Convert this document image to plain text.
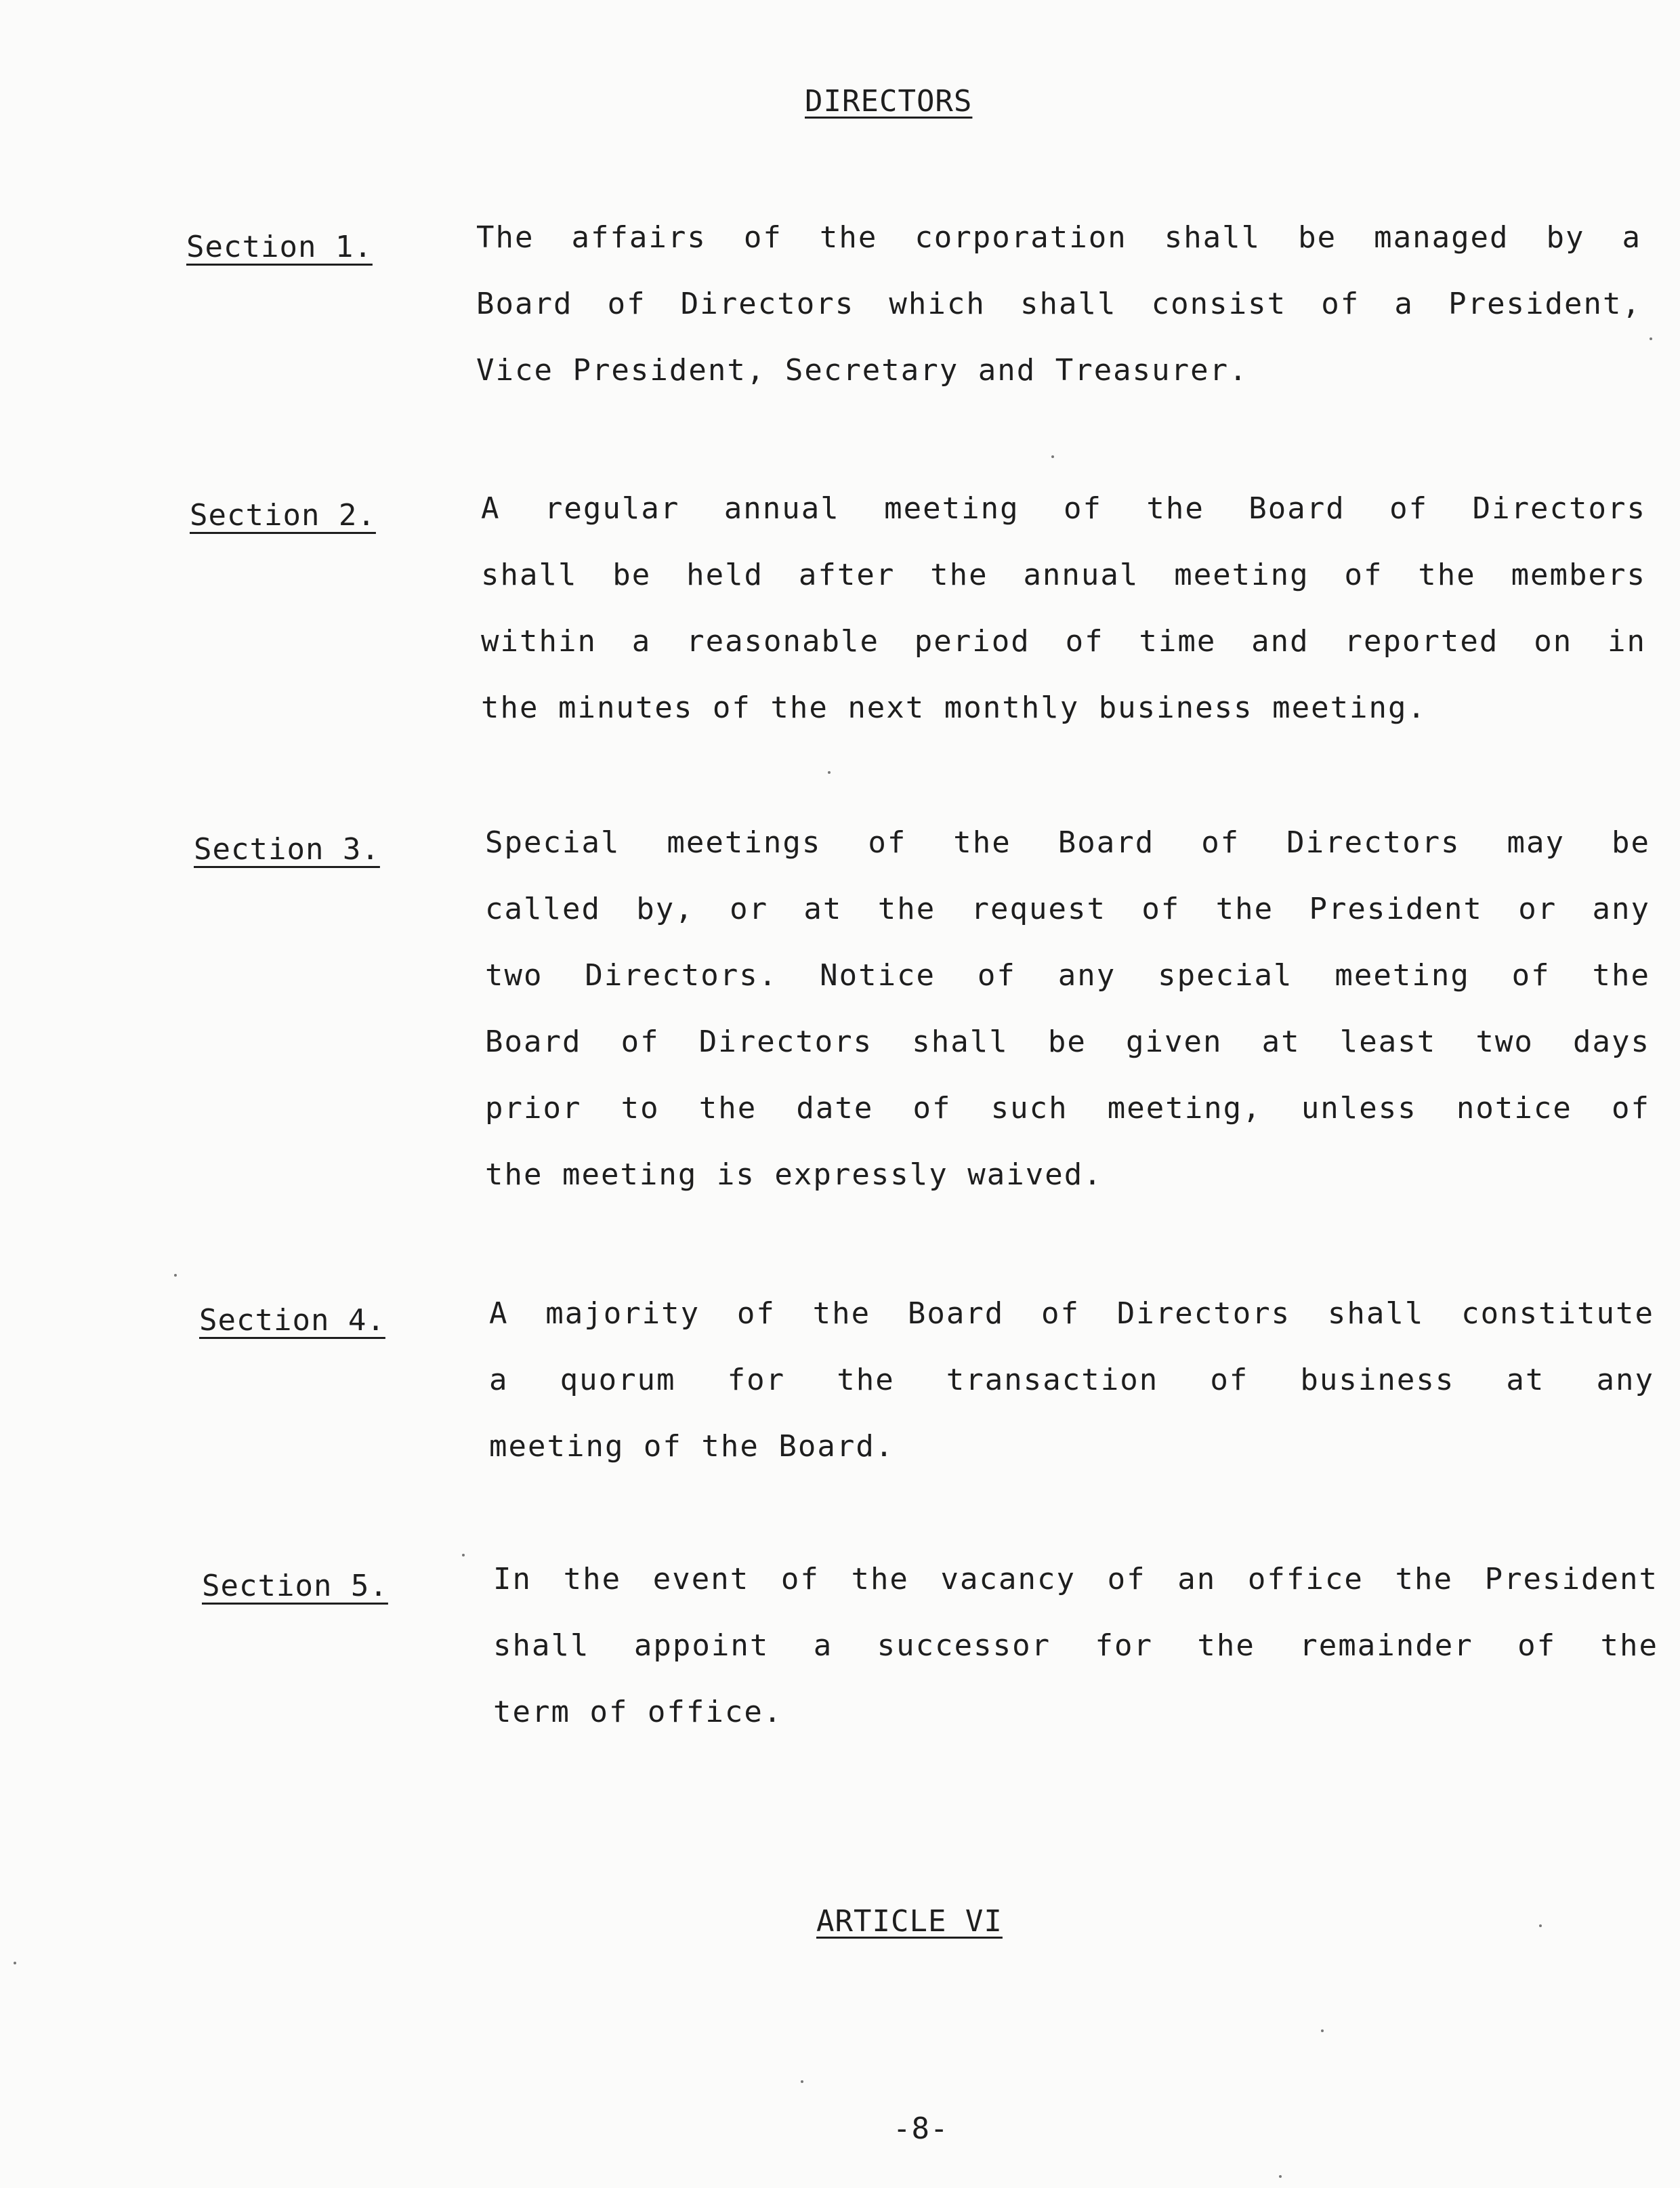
DIRECTORS
Section 1.	The affairs of the corporation shall be managed by a
Board of Directors which shall consist of a President,
Vice President, Secretary and Treasurer.
Section 2.	A regular annual meeting of the Board of Directors
shall be held after the annual meeting of the members
within a reasonable period of time and reported on in
the minutes of the next monthly business meeting.
Section 3.	Special meetings of the Board of Directors may be
called by, or at the request of the President or any
two Directors. Notice of any special meeting of the
Board of Directors shall be given at least two days
prior to the date of such meeting, unless notice of
the meeting is expressly waived.
Section 4.	A majority of the Board of Directors shall constitute
a quorum for the transaction of business at any
meeting of the Board.
Section 5.	In the event of the vacancy of an office the President
shall appoint a successor for the remainder of the
term of office.
ARTICLE VI
-8-
